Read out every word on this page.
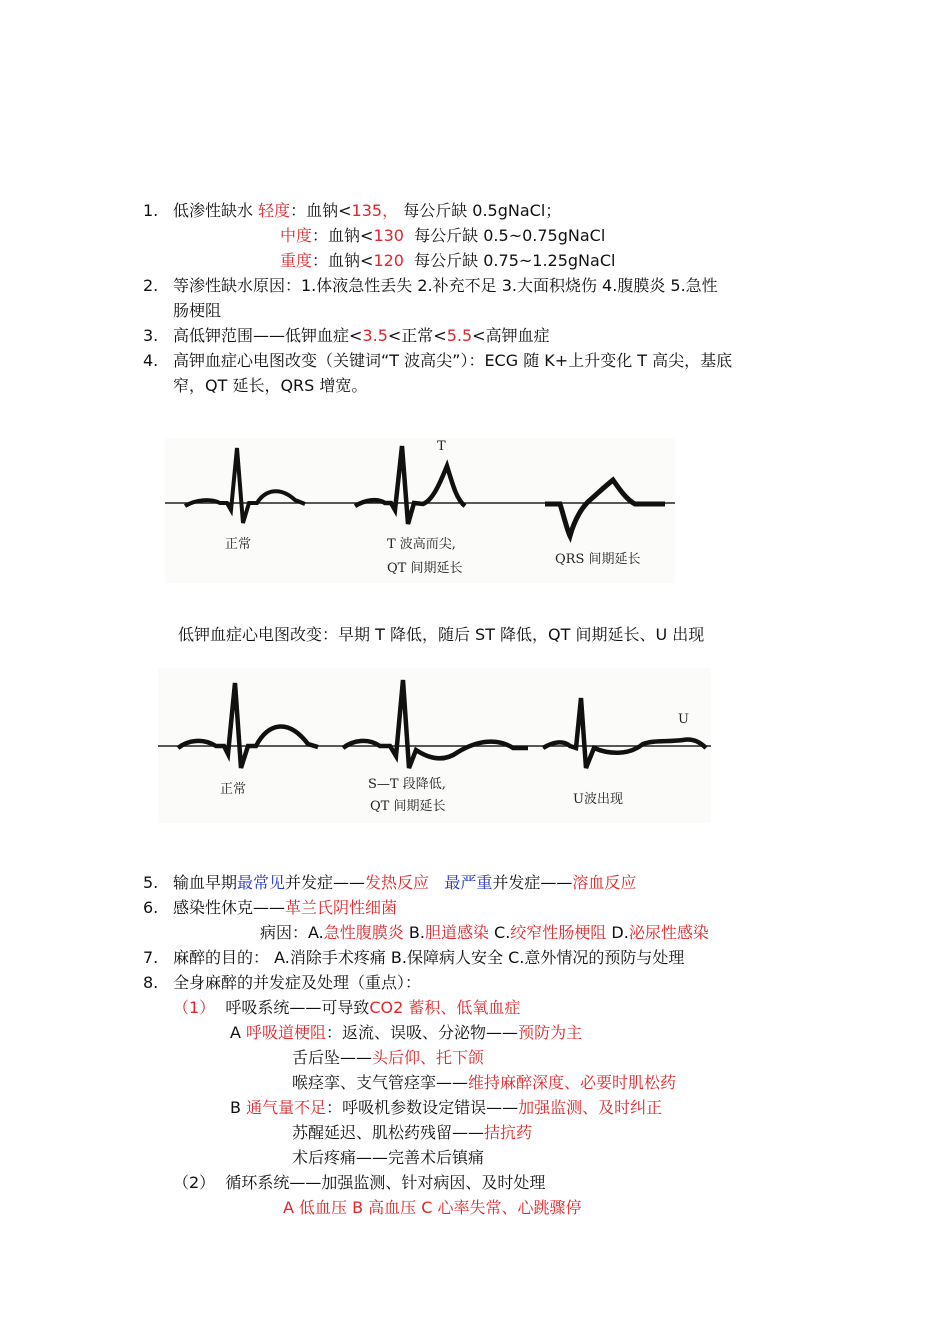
1. 低渗性缺水 轻度：血钠<135， 每公斤缺 0.5gNaCl；
中度：血钠<130 每公斤缺 0.5~0.75gNaCl
重度：血钠<120 每公斤缺 0.75~1.25gNaCl
2. 等渗性缺水原因：1.体液急性丢失 2.补充不足 3.大面积烧伤 4.腹膜炎 5.急性
肠梗阻
3. 高低钾范围——低钾血症<3.5<正常<5.5<高钾血症
4. 高钾血症心电图改变（关键词“T 波高尖”）：ECG 随 K+上升变化 T 高尖，基底
窄，QT 延长，QRS 增宽。
T
正常	T 波高而尖,
QT 间期延长
QRS 间期延长
低钾血症心电图改变：早期 T 降低，随后 ST 降低，QT 间期延长、U 出现
U
正常	S—T 段降低,
QT 间期延长	U波出现
5. 输血早期最常见并发症——发热反应 最严重并发症——溶血反应
6. 感染性休克——革兰氏阴性细菌
病因：A.急性腹膜炎 B.胆道感染 C.绞窄性肠梗阻 D.泌尿性感染
7. 麻醉的目的： A.消除手术疼痛 B.保障病人安全 C.意外情况的预防与处理
8. 全身麻醉的并发症及处理（重点）：
（1） 呼吸系统——可导致CO2 蓄积、低氧血症
A 呼吸道梗阻：返流、误吸、分泌物——预防为主
舌后坠——头后仰、托下颌
喉痉挛、支气管痉挛——维持麻醉深度、必要时肌松药
B 通气量不足：呼吸机参数设定错误——加强监测、及时纠正
苏醒延迟、肌松药残留——拮抗药
术后疼痛——完善术后镇痛
（2） 循环系统——加强监测、针对病因、及时处理
A 低血压 B 高血压 C 心率失常、心跳骤停
